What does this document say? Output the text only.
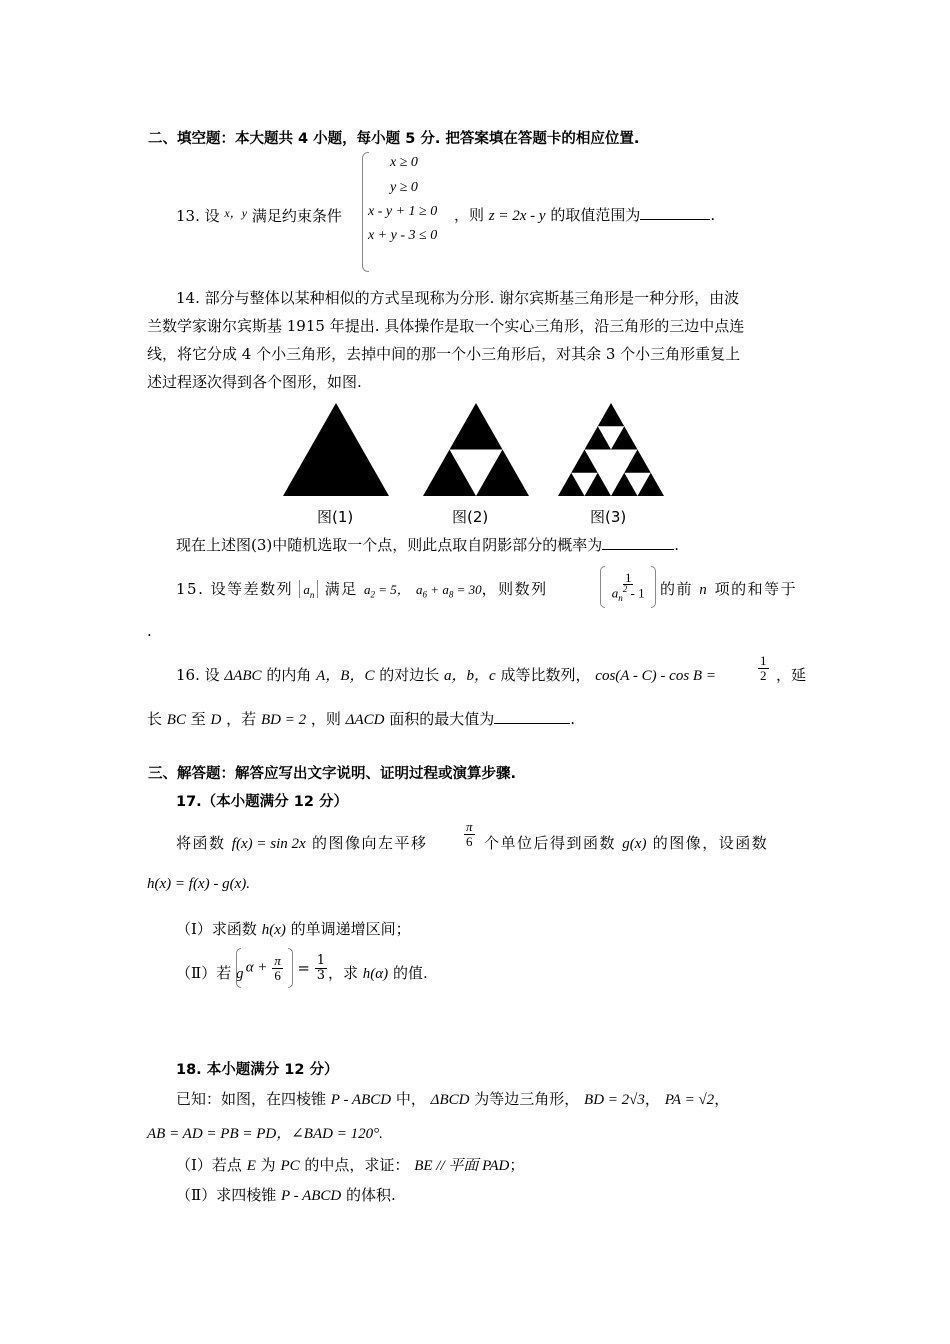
二、填空题：本大题共 4 小题，每小题 5 分. 把答案填在答题卡的相应位置.
13. 设 $^{x,y}$ 满足约束条件
x ≥ 0
y ≥ 0
x - y + 1 ≥ 0
x + y - 3 ≤ 0
，则 z = 2x - y 的取值范围为	.
14. 部分与整体以某种相似的方式呈现称为分形. 谢尔宾斯基三角形是一种分形，由波
兰数学家谢尔宾斯基 1915 年提出. 具体操作是取一个实心三角形，沿三角形的三边中点连
线，将它分成 4 个小三角形，去掉中间的那一个小三角形后，对其余 3 个小三角形重复上
述过程逐次得到各个图形，如图.
图(1)	图(2)	图(3)
现在上述图(3)中随机选取一个点，则此点取自阴影部分的概率为	.
15. 设等差数列 $a_n$ 满足 $a_2 = 5$， $a_6 + a_8 = 30$，则数列
	$\frac{1}{a_n^2 - 1}$
的前 n 项的和等于
.
16. 设 ΔABC 的内角 A，B，C 的对边长 a，b，c 成等比数列， cos(A - C) - cos B =	$\frac{1}{2}$ ，延
长 BC 至 D ，若 BD = 2 ，则 ΔACD 面积的最大值为	.
三、解答题：解答应写出文字说明、证明过程或演算步骤.
17.（本小题满分 12 分）
将函数 f(x) = sin 2x 的图像向左平移	$\frac{\pi}{6}$ 个单位后得到函数 g(x) 的图像，设函数
h(x) = f(x) - g(x).
（Ⅰ）求函数 h(x) 的单调递增区间；
（Ⅱ）若 g $\alpha + \frac{\pi}{6} = \frac{1}{3}$ ，求 h(α) 的值.
18. 本小题满分 12 分）
已知：如图，在四棱锥 P - ABCD 中， ΔBCD 为等边三角形， BD = 2√3， PA = √2，
AB = AD = PB = PD，∠BAD = 120°.
（Ⅰ）若点 E 为 PC 的中点，求证： BE // 平面 PAD；
（Ⅱ）求四棱锥 P - ABCD 的体积.
